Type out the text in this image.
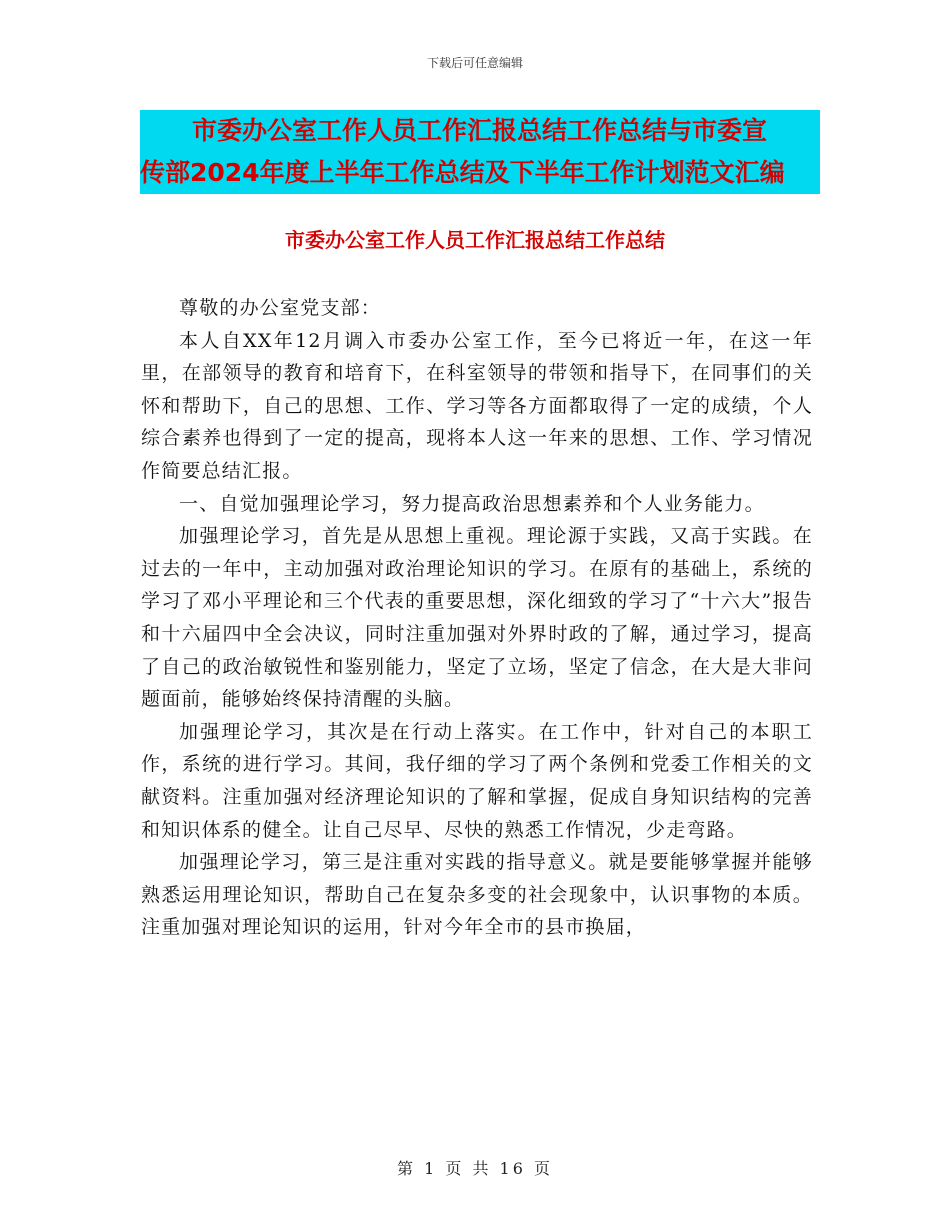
下载后可任意编辑
市委办公室工作人员工作汇报总结工作总结与市委宣
传部2024年度上半年工作总结及下半年工作计划范文汇编
市委办公室工作人员工作汇报总结工作总结

尊敬的办公室党支部：

本人自XX年12月调入市委办公室工作，至今已将近一年，在这一年里，在部领导的教育和培育下，在科室领导的带领和指导下，在同事们的关怀和帮助下，自己的思想、工作、学习等各方面都取得了一定的成绩，个人综合素养也得到了一定的提高，现将本人这一年来的思想、工作、学习情况作简要总结汇报。

一、自觉加强理论学习，努力提高政治思想素养和个人业务能力。

加强理论学习，首先是从思想上重视。理论源于实践，又高于实践。在过去的一年中，主动加强对政治理论知识的学习。在原有的基础上，系统的学习了邓小平理论和三个代表的重要思想，深化细致的学习了“十六大”报告和十六届四中全会决议，同时注重加强对外界时政的了解，通过学习，提高了自己的政治敏锐性和鉴别能力，坚定了立场，坚定了信念，在大是大非问题面前，能够始终保持清醒的头脑。

加强理论学习，其次是在行动上落实。在工作中，针对自己的本职工作，系统的进行学习。其间，我仔细的学习了两个条例和党委工作相关的文献资料。注重加强对经济理论知识的了解和掌握，促成自身知识结构的完善和知识体系的健全。让自己尽早、尽快的熟悉工作情况，少走弯路。

加强理论学习，第三是注重对实践的指导意义。就是要能够掌握并能够熟悉运用理论知识，帮助自己在复杂多变的社会现象中，认识事物的本质。注重加强对理论知识的运用，针对今年全市的县市换届，

第 1 页 共 16 页
